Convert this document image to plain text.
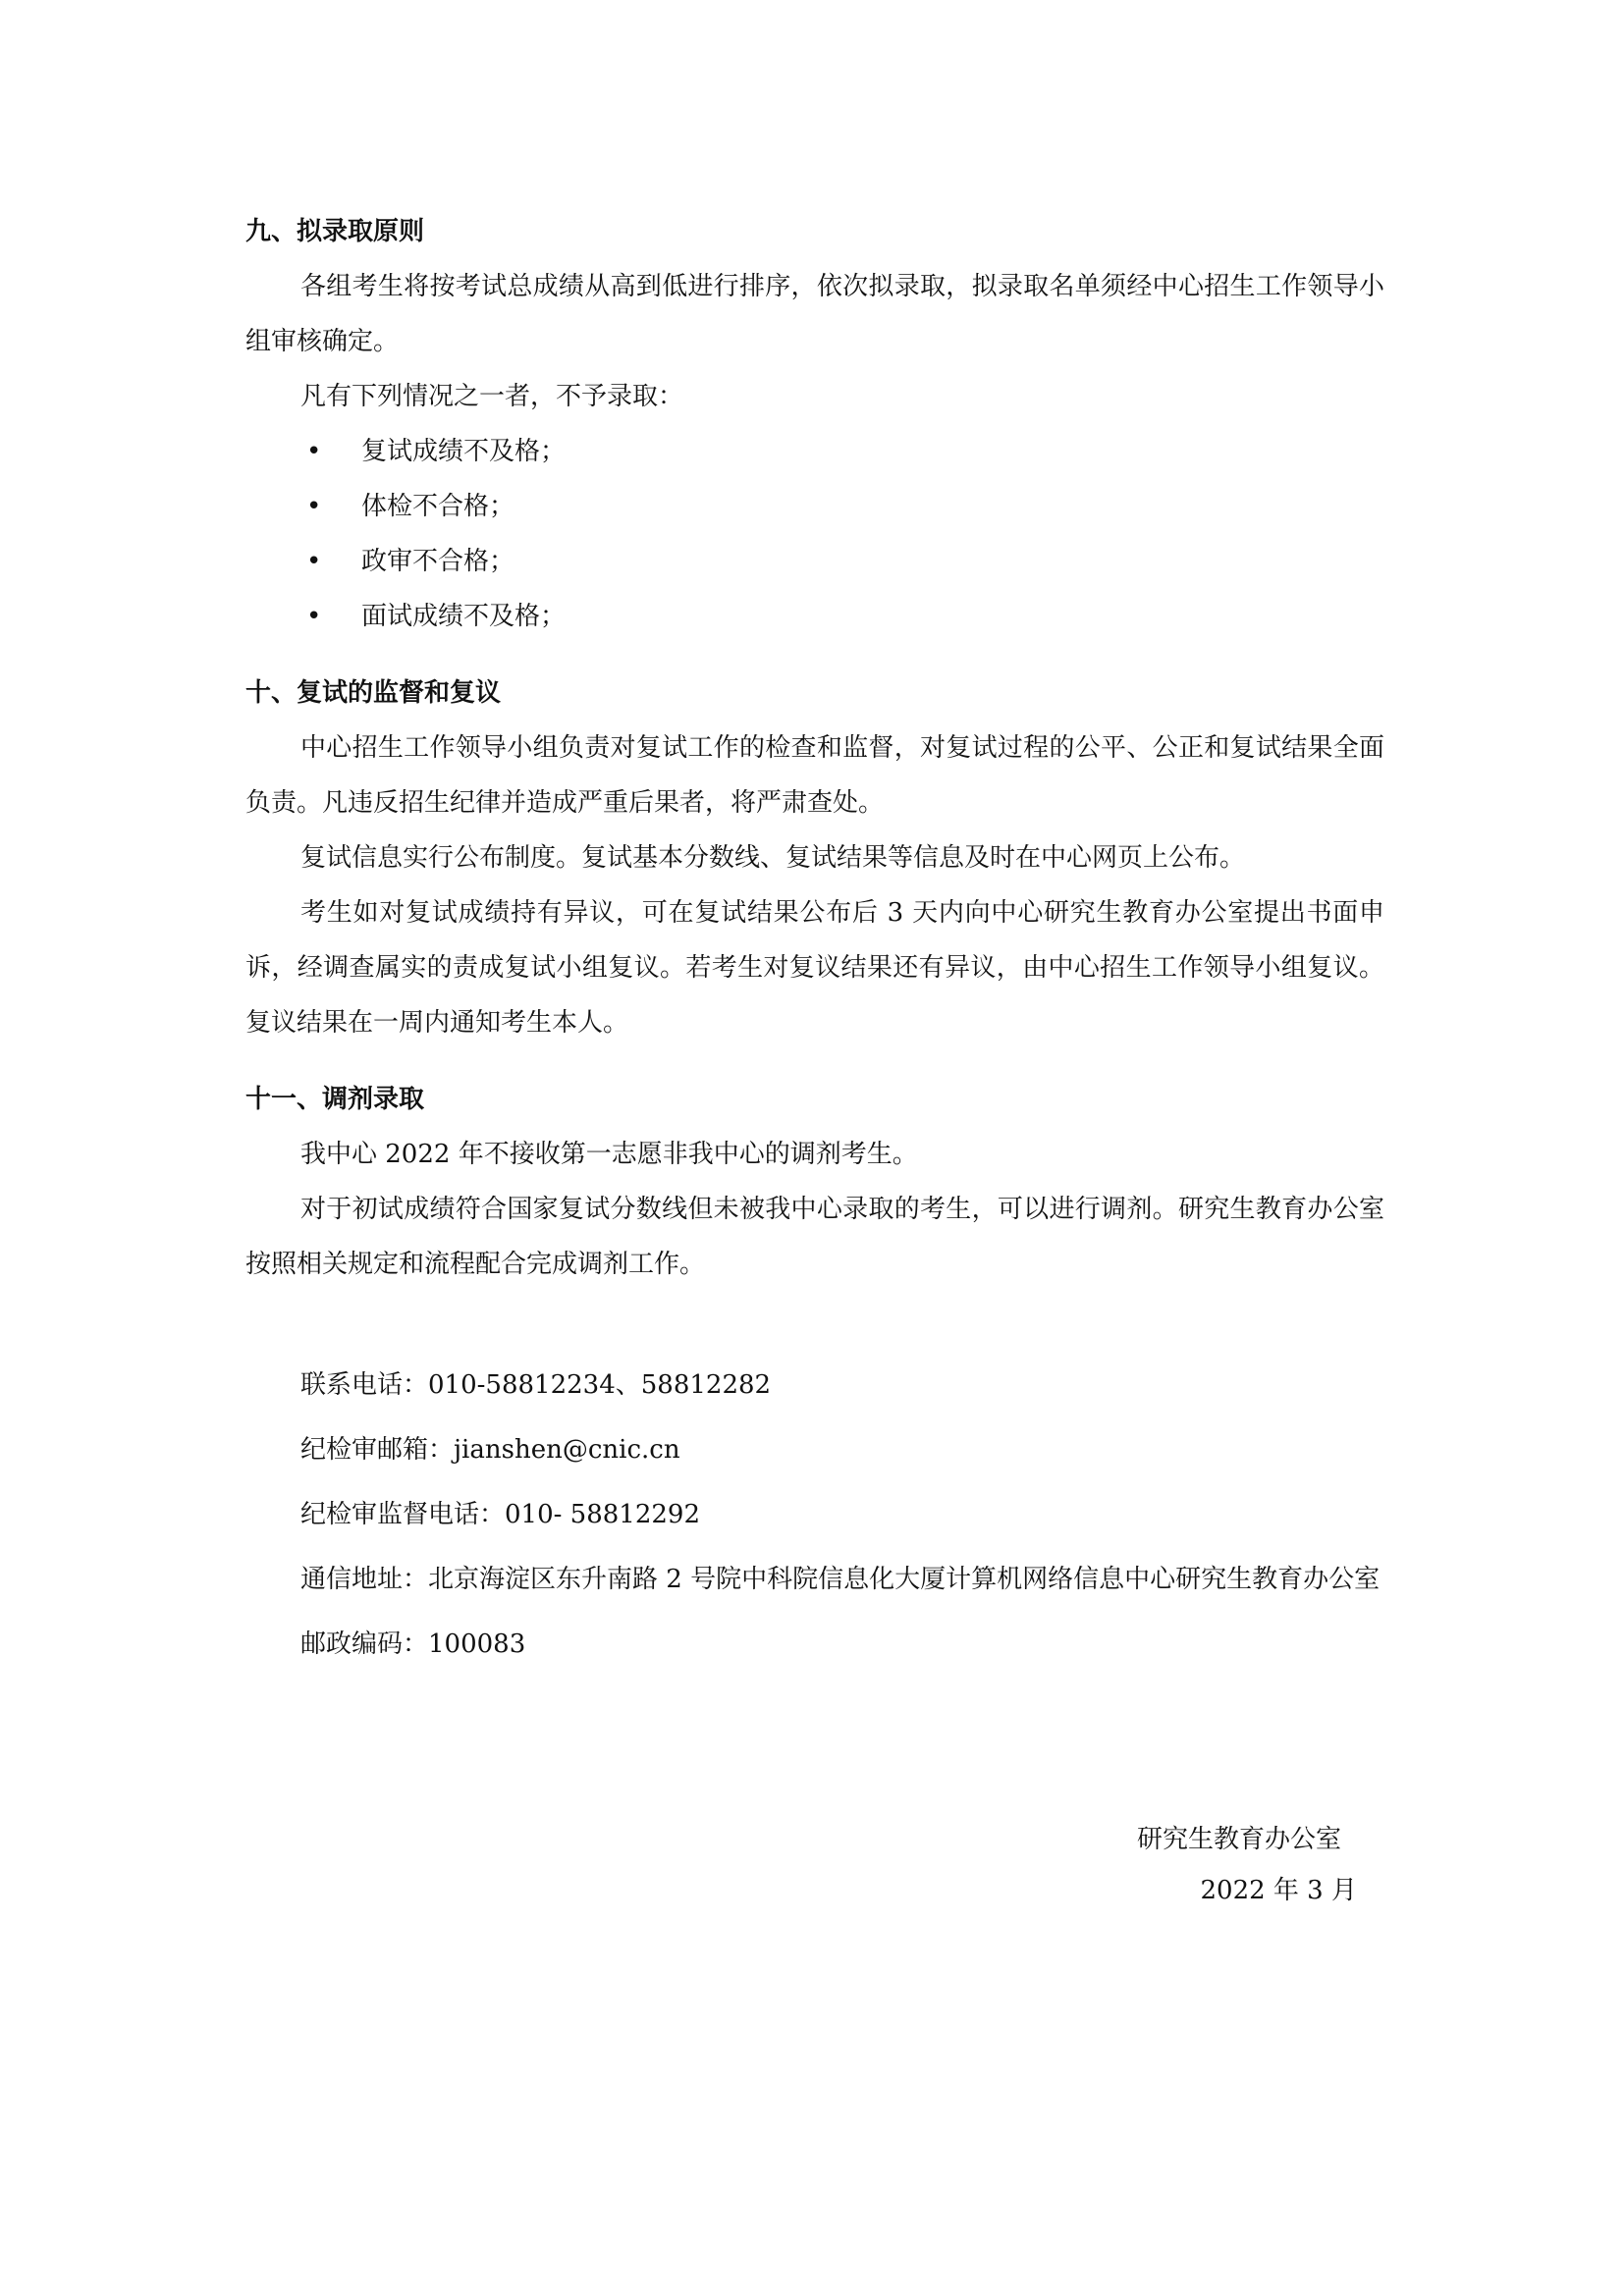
九、拟录取原则

各组考生将按考试总成绩从高到低进行排序，依次拟录取，拟录取名单须经中心招生工作领导小组审核确定。

凡有下列情况之一者，不予录取：

• 复试成绩不及格；
• 体检不合格；
• 政审不合格；
• 面试成绩不及格；
十、复试的监督和复议

中心招生工作领导小组负责对复试工作的检查和监督，对复试过程的公平、公正和复试结果全面负责。凡违反招生纪律并造成严重后果者，将严肃查处。

复试信息实行公布制度。复试基本分数线、复试结果等信息及时在中心网页上公布。

考生如对复试成绩持有异议，可在复试结果公布后 3 天内向中心研究生教育办公室提出书面申诉，经调查属实的责成复试小组复议。若考生对复议结果还有异议，由中心招生工作领导小组复议。复议结果在一周内通知考生本人。

十一、调剂录取

我中心 2022 年不接收第一志愿非我中心的调剂考生。

对于初试成绩符合国家复试分数线但未被我中心录取的考生，可以进行调剂。研究生教育办公室按照相关规定和流程配合完成调剂工作。

联系电话：010-58812234、58812282

纪检审邮箱：jianshen@cnic.cn

纪检审监督电话：010- 58812292

通信地址：北京海淀区东升南路 2 号院中科院信息化大厦计算机网络信息中心研究生教育办公室

邮政编码：100083

研究生教育办公室
2022 年 3 月
